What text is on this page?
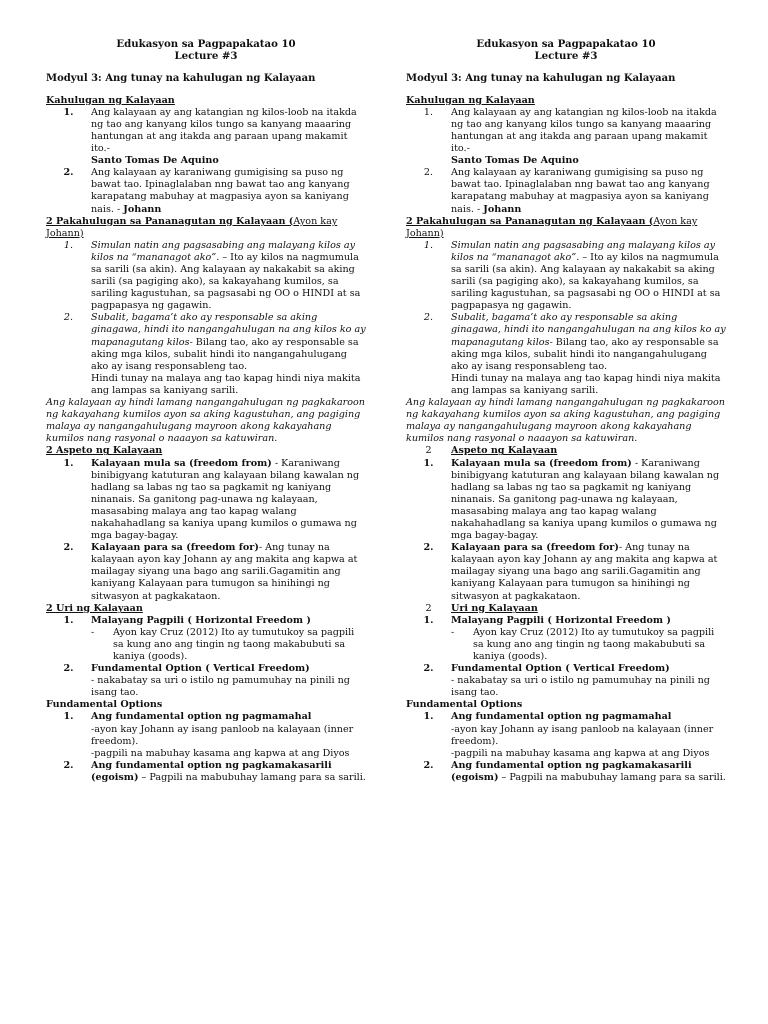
Edukasyon sa Pagpapakatao 10
Lecture #3
Modyul 3: Ang tunay na kahulugan ng Kalayaan
Kahulugan ng Kalayaan
1.	Ang kalayaan ay ang katangian ng kilos-loob na itakda ng tao ang kanyang kilos tungo sa kanyang maaaring hantungan at ang itakda ang paraan upang makamit ito.-
Santo Tomas De Aquino
2.	Ang kalayaan ay karaniwang gumigising sa puso ng bawat tao. Ipinaglalaban nng bawat tao ang kanyang karapatang mabuhay at magpasiya ayon sa kaniyang nais. - Johann
2 Pakahulugan sa Pananagutan ng Kalayaan (Ayon kay Johann)
1.	Simulan natin ang pagsasabing ang malayang kilos ay kilos na “mananagot ako”. – Ito ay kilos na nagmumula sa sarili (sa akin). Ang kalayaan ay nakakabit sa aking sarili (sa pagiging ako), sa kakayahang kumilos, sa sariling kagustuhan, sa pagsasabi ng OO o HINDI at sa pagpapasya ng gagawin.
2.	Subalit, bagama’t ako ay responsable sa aking ginagawa, hindi ito nangangahulugan na ang kilos ko ay mapanagutang kilos- Bilang tao, ako ay responsable sa aking mga kilos, subalit hindi ito nangangahulugang ako ay isang responsableng tao.
Hindi tunay na malaya ang tao kapag hindi niya makita ang lampas sa kaniyang sarili.
Ang kalayaan ay hindi lamang nangangahulugan ng pagkakaroon ng kakayahang kumilos ayon sa aking kagustuhan, ang pagiging malaya ay nangangahulugang mayroon akong kakayahang kumilos nang rasyonal o naaayon sa katuwiran.
2 Aspeto ng Kalayaan
1.	Kalayaan mula sa (freedom from) - Karaniwang binibigyang katuturan ang kalayaan bilang kawalan ng hadlang sa labas ng tao sa pagkamit ng kaniyang ninanais. Sa ganitong pag-unawa ng kalayaan, masasabing malaya ang tao kapag walang nakahahadlang sa kaniya upang kumilos o gumawa ng mga bagay-bagay.
2.	Kalayaan para sa (freedom for)- Ang tunay na kalayaan ayon kay Johann ay ang makita ang kapwa at mailagay siyang una bago ang sarili.Gagamitin ang kaniyang Kalayaan para tumugon sa hinihingi ng sitwasyon at pagkakataon.
2 Uri ng Kalayaan
1.	Malayang Pagpili ( Horizontal Freedom )
-	Ayon kay Cruz (2012) Ito ay tumutukoy sa pagpili sa kung ano ang tingin ng taong makabubuti sa kaniya (goods).
2.	Fundamental Option ( Vertical Freedom)
- nakabatay sa uri o istilo ng pamumuhay na pinili ng isang tao.
Fundamental Options
1.	Ang fundamental option ng pagmamahal
-ayon kay Johann ay isang panloob na kalayaan (inner freedom).
-pagpili na mabuhay kasama ang kapwa at ang Diyos
2.	Ang fundamental option ng pagkamakasarili (egoism) – Pagpili na mabubuhay lamang para sa sarili.
Edukasyon sa Pagpapakatao 10
Lecture #3
Modyul 3: Ang tunay na kahulugan ng Kalayaan
Kahulugan ng Kalayaan
1.	Ang kalayaan ay ang katangian ng kilos-loob na itakda ng tao ang kanyang kilos tungo sa kanyang maaaring hantungan at ang itakda ang paraan upang makamit ito.-
Santo Tomas De Aquino
2.	Ang kalayaan ay karaniwang gumigising sa puso ng bawat tao. Ipinaglalaban nng bawat tao ang kanyang karapatang mabuhay at magpasiya ayon sa kaniyang nais. - Johann
2 Pakahulugan sa Pananagutan ng Kalayaan (Ayon kay Johann)
1.	Simulan natin ang pagsasabing ang malayang kilos ay kilos na “mananagot ako”. – Ito ay kilos na nagmumula sa sarili (sa akin). Ang kalayaan ay nakakabit sa aking sarili (sa pagiging ako), sa kakayahang kumilos, sa sariling kagustuhan, sa pagsasabi ng OO o HINDI at sa pagpapasya ng gagawin.
2.	Subalit, bagama’t ako ay responsable sa aking ginagawa, hindi ito nangangahulugan na ang kilos ko ay mapanagutang kilos- Bilang tao, ako ay responsable sa aking mga kilos, subalit hindi ito nangangahulugang ako ay isang responsableng tao.
Hindi tunay na malaya ang tao kapag hindi niya makita ang lampas sa kaniyang sarili.
Ang kalayaan ay hindi lamang nangangahulugan ng pagkakaroon ng kakayahang kumilos ayon sa aking kagustuhan, ang pagiging malaya ay nangangahulugang mayroon akong kakayahang kumilos nang rasyonal o naaayon sa katuwiran.
2	Aspeto ng Kalayaan
1.	Kalayaan mula sa (freedom from) - Karaniwang binibigyang katuturan ang kalayaan bilang kawalan ng hadlang sa labas ng tao sa pagkamit ng kaniyang ninanais. Sa ganitong pag-unawa ng kalayaan, masasabing malaya ang tao kapag walang nakahahadlang sa kaniya upang kumilos o gumawa ng mga bagay-bagay.
2.	Kalayaan para sa (freedom for)- Ang tunay na kalayaan ayon kay Johann ay ang makita ang kapwa at mailagay siyang una bago ang sarili.Gagamitin ang kaniyang Kalayaan para tumugon sa hinihingi ng sitwasyon at pagkakataon.
2	Uri ng Kalayaan
1.	Malayang Pagpili ( Horizontal Freedom )
-	Ayon kay Cruz (2012) Ito ay tumutukoy sa pagpili sa kung ano ang tingin ng taong makabubuti sa kaniya (goods).
2.	Fundamental Option ( Vertical Freedom)
- nakabatay sa uri o istilo ng pamumuhay na pinili ng isang tao.
Fundamental Options
1.	Ang fundamental option ng pagmamahal
-ayon kay Johann ay isang panloob na kalayaan (inner freedom).
-pagpili na mabuhay kasama ang kapwa at ang Diyos
2.	Ang fundamental option ng pagkamakasarili (egoism) – Pagpili na mabubuhay lamang para sa sarili.
